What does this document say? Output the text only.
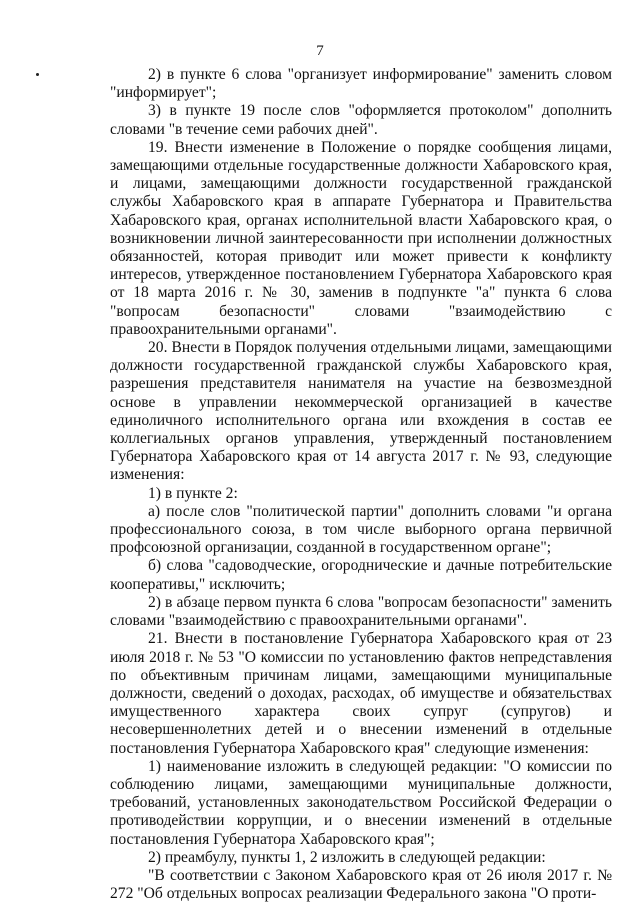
7

2) в пункте 6 слова "организует информирование" заменить словом "информирует";

3) в пункте 19 после слов "оформляется протоколом" дополнить словами "в течение семи рабочих дней".

19. Внести изменение в Положение о порядке сообщения лицами, замещающими отдельные государственные должности Хабаровского края, и лицами, замещающими должности государственной гражданской службы Хабаровского края в аппарате Губернатора и Правительства Хабаровского края, органах исполнительной власти Хабаровского края, о возникновении личной заинтересованности при исполнении должностных обязанностей, которая приводит или может привести к конфликту интересов, утвержденное постановлением Губернатора Хабаровского края от 18 марта 2016 г. № 30, заменив в подпункте "а" пункта 6 слова "вопросам безопасности" словами "взаимодействию с правоохранительными органами".

20. Внести в Порядок получения отдельными лицами, замещающими должности государственной гражданской службы Хабаровского края, разрешения представителя нанимателя на участие на безвозмездной основе в управлении некоммерческой организацией в качестве единоличного исполнительного органа или вхождения в состав ее коллегиальных органов управления, утвержденный постановлением Губернатора Хабаровского края от 14 августа 2017 г. № 93, следующие изменения:

1) в пункте 2:

а) после слов "политической партии" дополнить словами "и органа профессионального союза, в том числе выборного органа первичной профсоюзной организации, созданной в государственном органе";

б) слова "садоводческие, огороднические и дачные потребительские кооперативы," исключить;

2) в абзаце первом пункта 6 слова "вопросам безопасности" заменить словами "взаимодействию с правоохранительными органами".

21. Внести в постановление Губернатора Хабаровского края от 23 июля 2018 г. № 53 "О комиссии по установлению фактов непредставления по объективным причинам лицами, замещающими муниципальные должности, сведений о доходах, расходах, об имуществе и обязательствах имущественного характера своих супруг (супругов) и несовершеннолетних детей и о внесении изменений в отдельные постановления Губернатора Хабаровского края" следующие изменения:

1) наименование изложить в следующей редакции: "О комиссии по соблюдению лицами, замещающими муниципальные должности, требований, установленных законодательством Российской Федерации о противодействии коррупции, и о внесении изменений в отдельные постановления Губернатора Хабаровского края";

2) преамбулу, пункты 1, 2 изложить в следующей редакции:

"В соответствии с Законом Хабаровского края от 26 июля 2017 г. № 272 "Об отдельных вопросах реализации Федерального закона "О проти-
